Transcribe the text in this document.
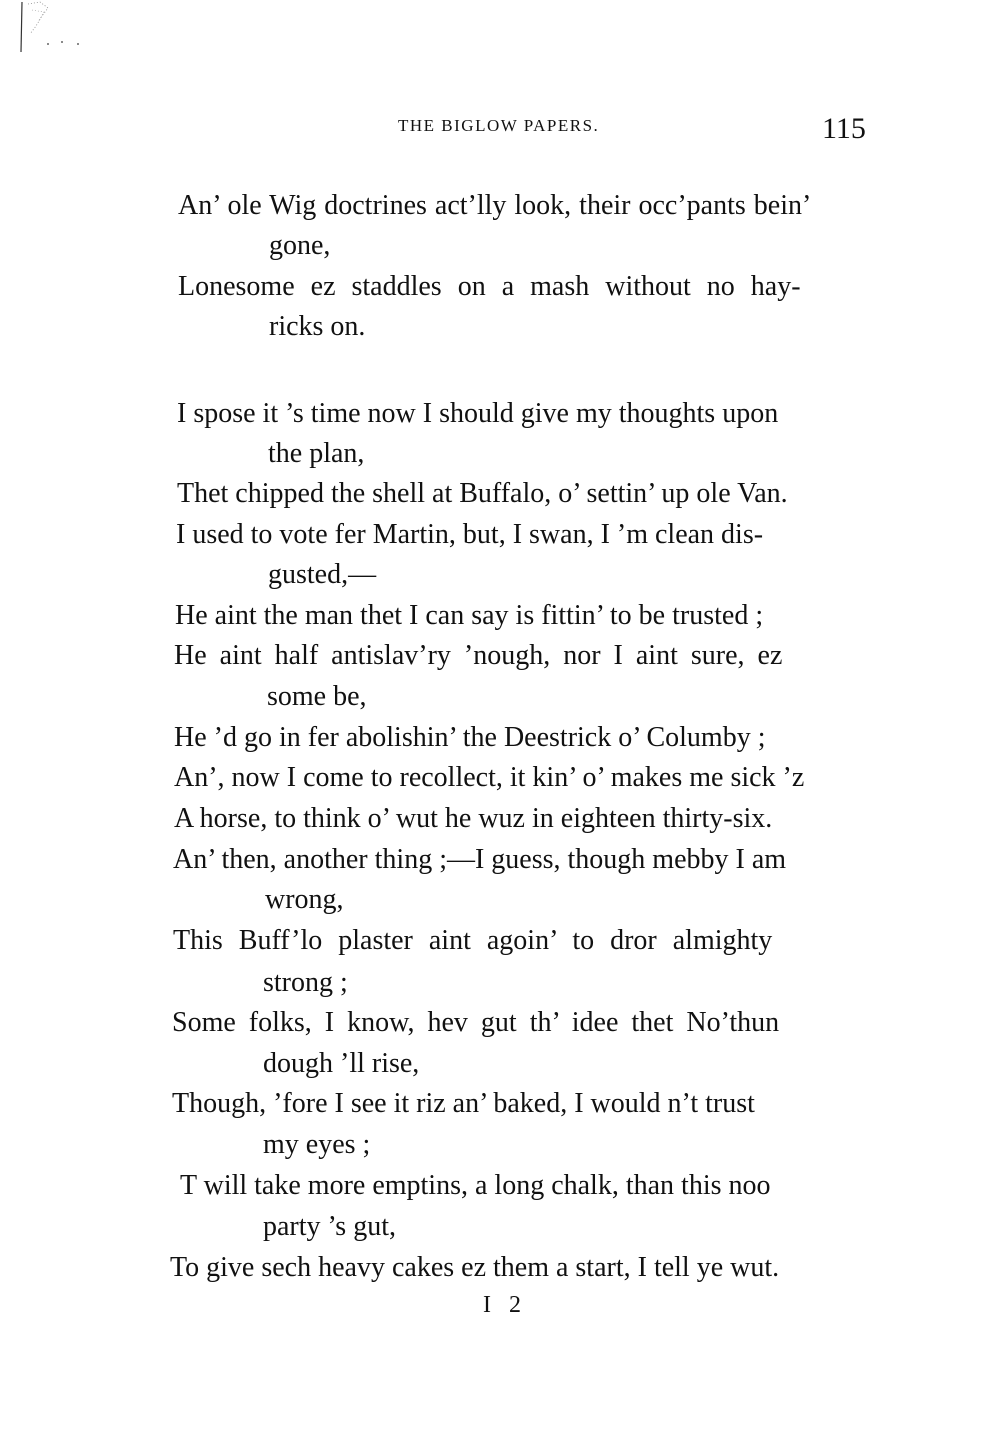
THE BIGLOW PAPERS.	115
An’ ole Wig doctrines act’lly look, their occ’pants bein’
gone,
Lonesome ez staddles on a mash without no hay-
ricks on.
I spose it ’s time now I should give my thoughts upon
the plan,
Thet chipped the shell at Buffalo, o’ settin’ up ole Van.
I used to vote fer Martin, but, I swan, I ’m clean dis-
gusted,—
He aint the man thet I can say is fittin’ to be trusted ;
He aint half antislav’ry ’nough, nor I aint sure, ez
some be,
He ’d go in fer abolishin’ the Deestrick o’ Columby ;
An’, now I come to recollect, it kin’ o’ makes me sick ’z
A horse, to think o’ wut he wuz in eighteen thirty-six.
An’ then, another thing ;—I guess, though mebby I am
wrong,
This Buff’lo plaster aint agoin’ to dror almighty
strong ;
Some folks, I know, hev gut th’ idee thet No’thun
dough ’ll rise,
Though, ’fore I see it riz an’ baked, I would n’t trust
my eyes ;
T will take more emptins, a long chalk, than this noo
party ’s gut,
To give sech heavy cakes ez them a start, I tell ye wut.
I 2
